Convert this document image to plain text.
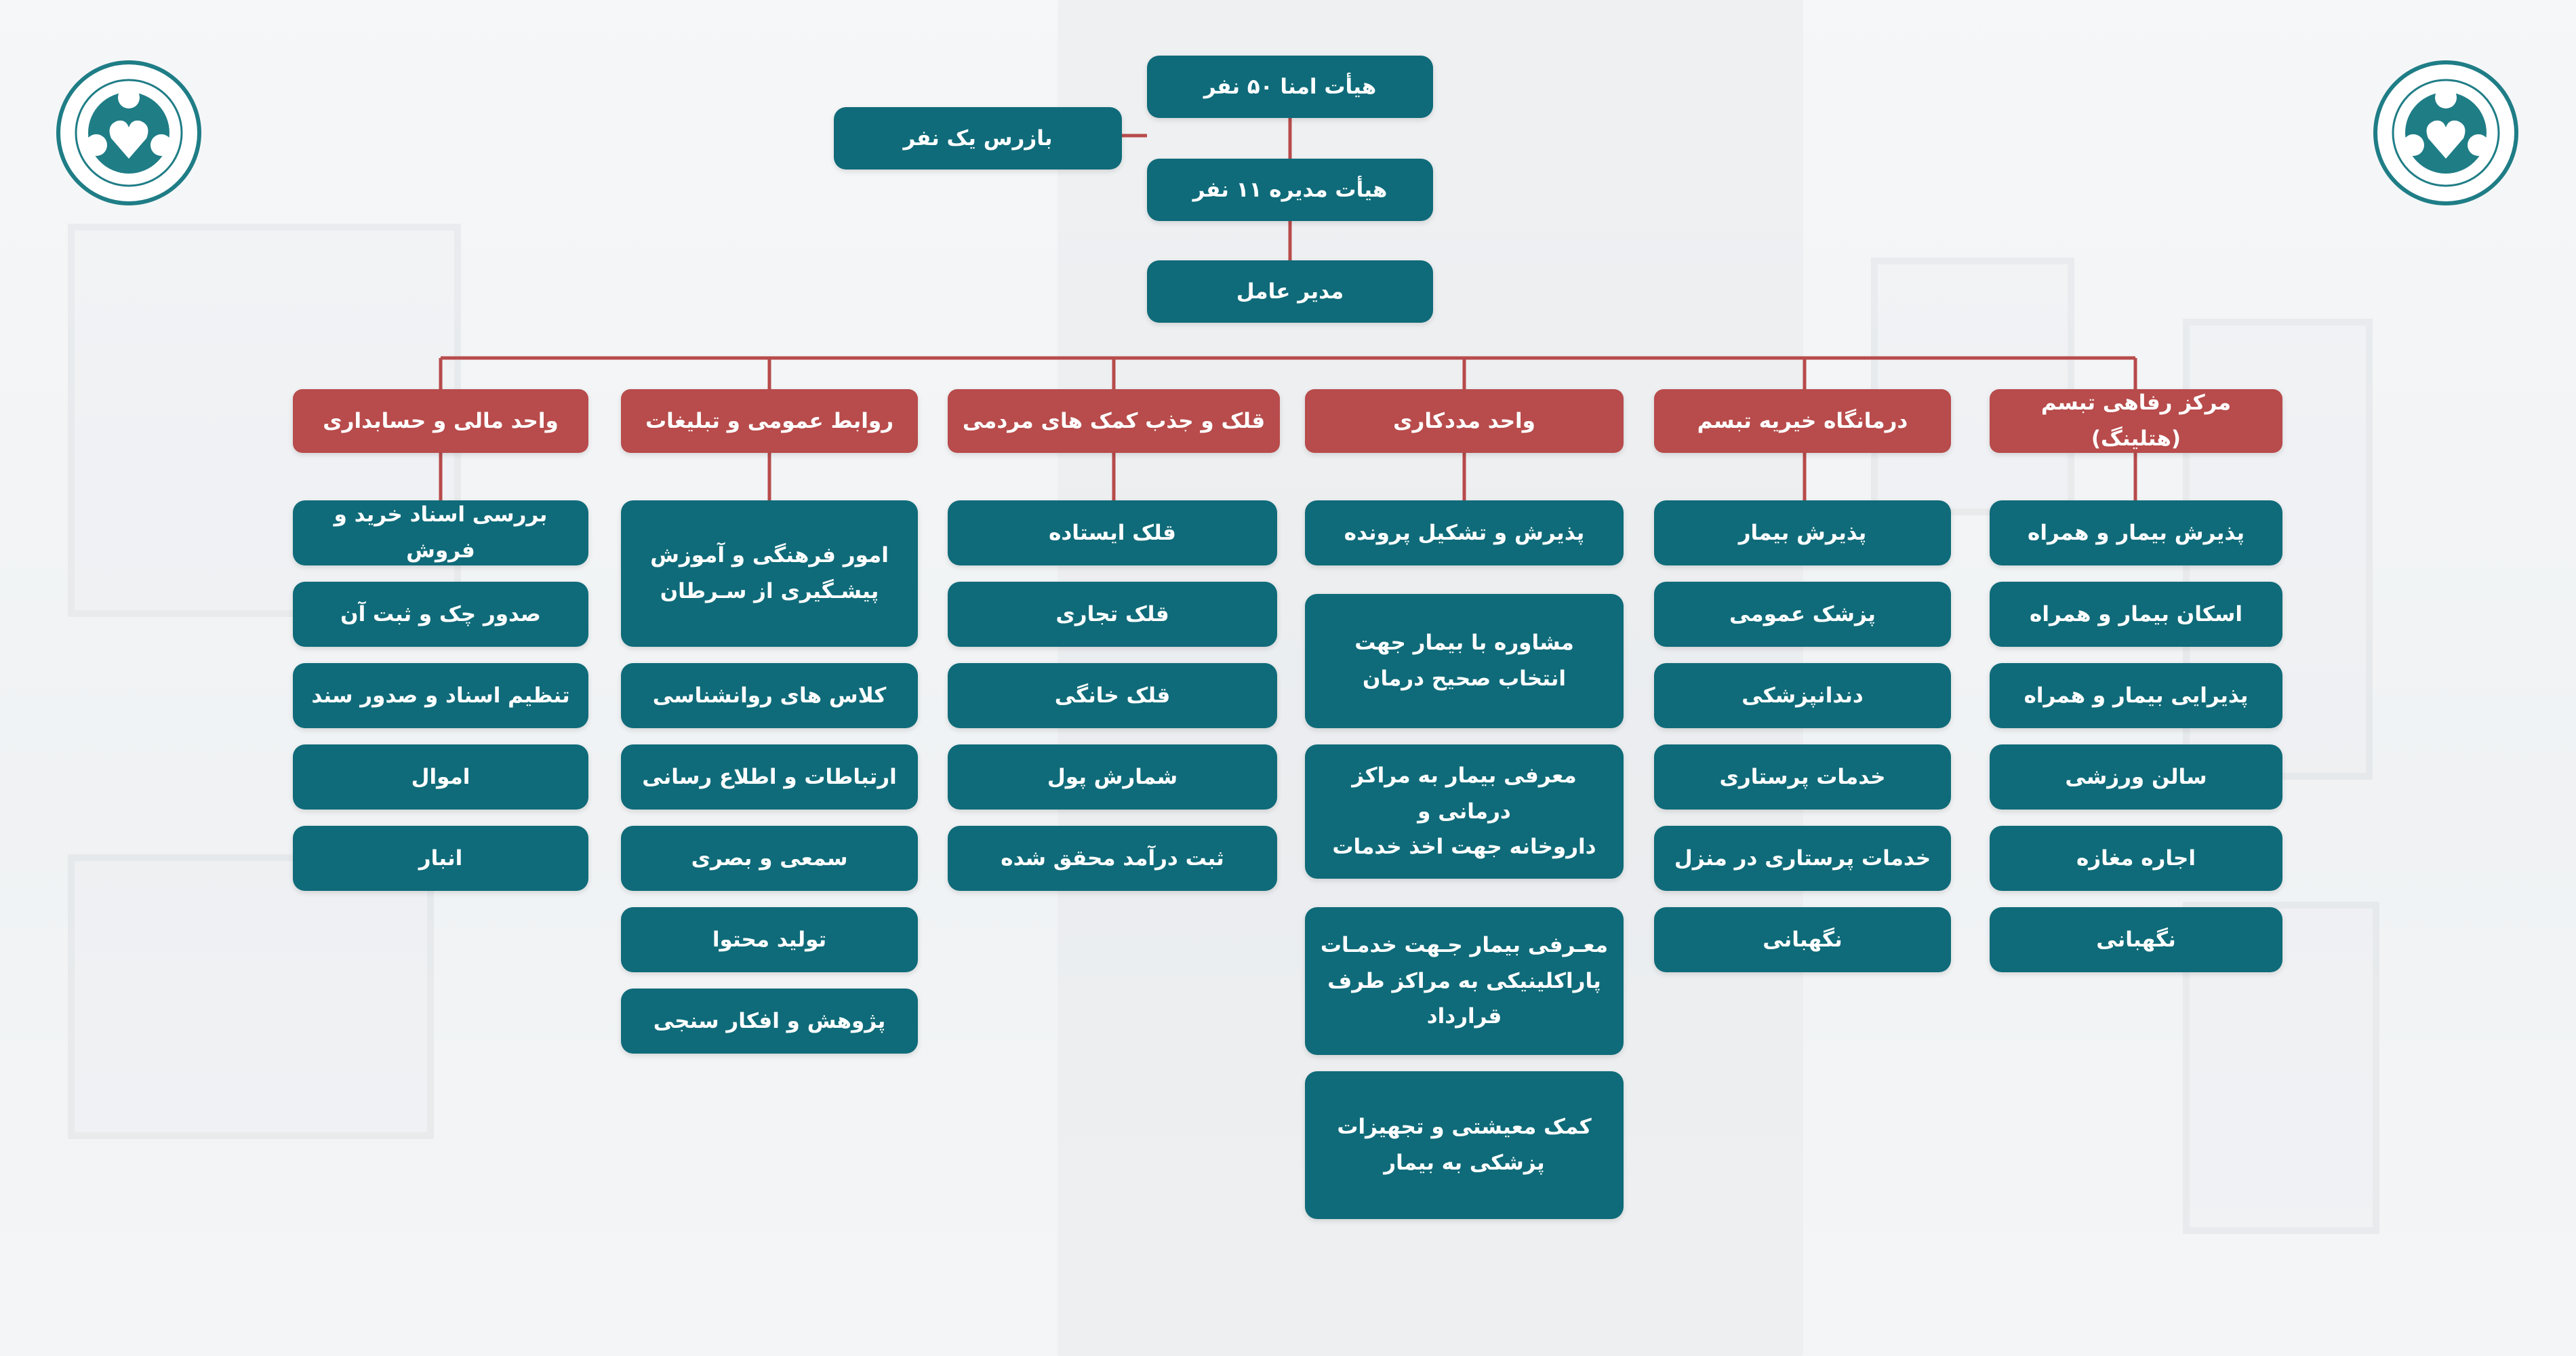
هیأت امنا ۵۰ نفر
بازرس یک نفر
هیأت مدیره ۱۱ نفر
مدیر عامل
مرکز رفاهی تبسم (هتلینگ)
پذیرش بیمار و همراه
اسکان بیمار و همراه
پذیرایی بیمار و همراه
سالن ورزشی
اجاره مغازه
نگهبانی
درمانگاه خیریه تبسم
پذیرش بیمار
پزشک عمومی
دندانپزشکی
خدمات پرستاری
خدمات پرستاری در منزل
نگهبانی
واحد مددکاری
پذیرش و تشکیل پرونده
مشاوره با بیمار جهت
انتخاب صحیح درمان
معرفی بیمار به مراکز درمانی و
داروخانه جهت اخذ خدمات
معـرفی بیمار جـهت خدمـات
پاراکلینیکی به مراکز طرف قرارداد
کمک معیشتی و تجهیزات
پزشکی به بیمار
قلک و جذب کمک های مردمی
قلک ایستاده
قلک تجاری
قلک خانگی
شمارش پول
ثبت درآمد محقق شده
روابط عمومی و تبلیغات
امور فرهنگی و آموزش
پیشـگیری از سـرطان
کلاس های روانشناسی
ارتباطات و اطلاع رسانی
سمعی و بصری
تولید محتوا
پژوهش و افکار سنجی
واحد مالی و حسابداری
بررسی اسناد خرید و فروش
صدور چک و ثبت آن
تنظیم اسناد و صدور سند
اموال
انبار
